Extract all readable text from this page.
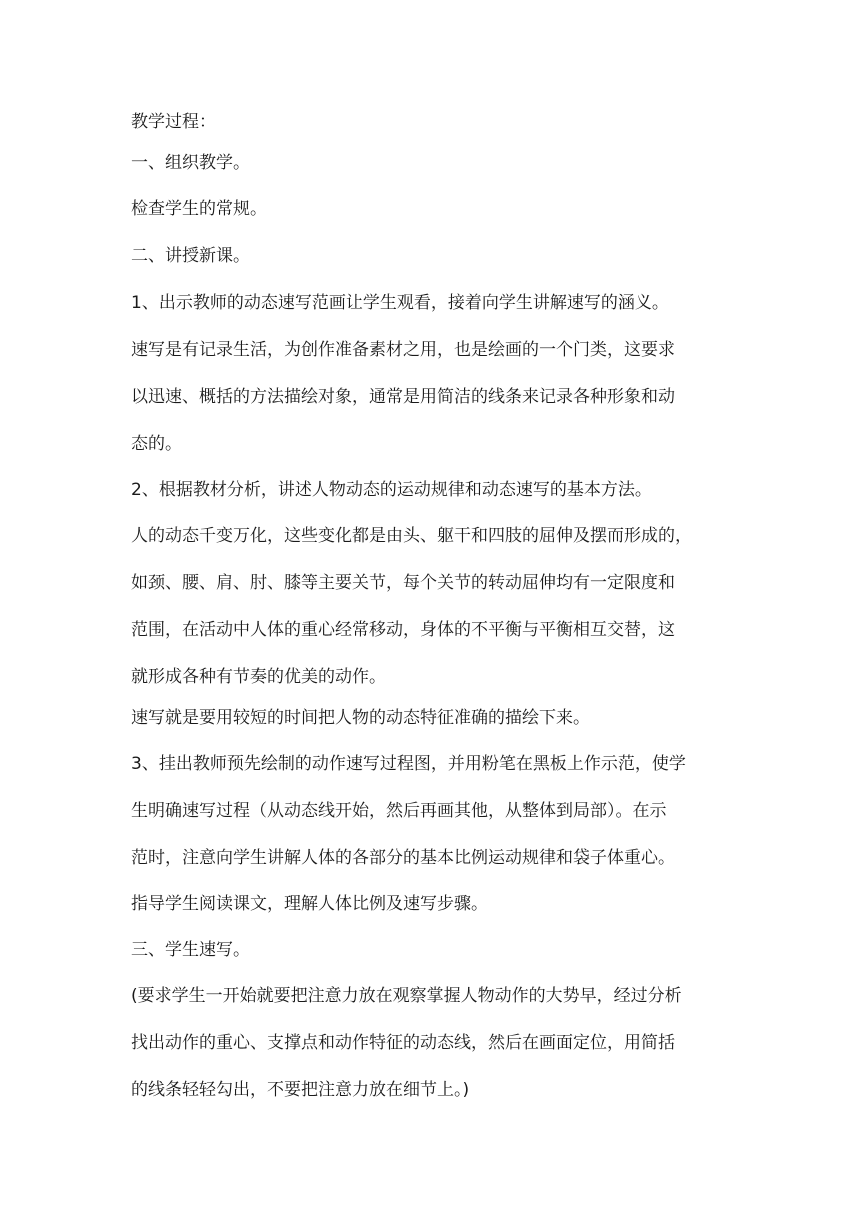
教学过程：

一、组织教学。

检查学生的常规。

二、讲授新课。

1、出示教师的动态速写范画让学生观看，接着向学生讲解速写的涵义。

速写是有记录生活，为创作准备素材之用，也是绘画的一个门类，这要求

以迅速、概括的方法描绘对象，通常是用简洁的线条来记录各种形象和动

态的。

2、根据教材分析，讲述人物动态的运动规律和动态速写的基本方法。

人的动态千变万化，这些变化都是由头、躯干和四肢的屈伸及摆而形成的，

如颈、腰、肩、肘、膝等主要关节，每个关节的转动屈伸均有一定限度和

范围，在活动中人体的重心经常移动，身体的不平衡与平衡相互交替，这

就形成各种有节奏的优美的动作。

速写就是要用较短的时间把人物的动态特征准确的描绘下来。

3、挂出教师预先绘制的动作速写过程图，并用粉笔在黑板上作示范，使学

生明确速写过程（从动态线开始，然后再画其他，从整体到局部）。在示

范时，注意向学生讲解人体的各部分的基本比例运动规律和袋子体重心。

指导学生阅读课文，理解人体比例及速写步骤。

三、学生速写。

(要求学生一开始就要把注意力放在观察掌握人物动作的大势早，经过分析

找出动作的重心、支撑点和动作特征的动态线，然后在画面定位，用简括

的线条轻轻勾出，不要把注意力放在细节上。)
